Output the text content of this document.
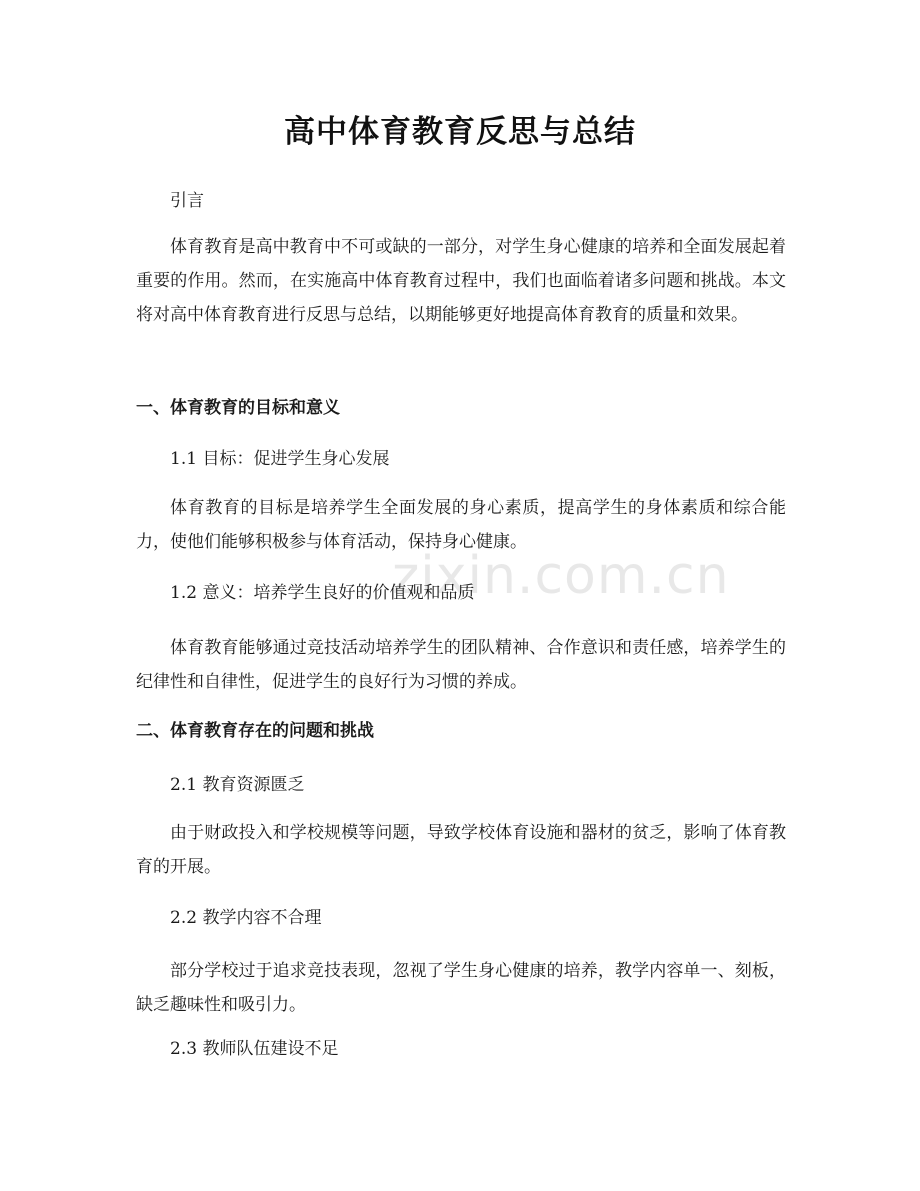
zixin.com.cn
高中体育教育反思与总结

引言

体育教育是高中教育中不可或缺的一部分，对学生身心健康的培养和全面发展起着重要的作用。然而，在实施高中体育教育过程中，我们也面临着诸多问题和挑战。本文将对高中体育教育进行反思与总结，以期能够更好地提高体育教育的质量和效果。

一、体育教育的目标和意义

1.1 目标：促进学生身心发展

体育教育的目标是培养学生全面发展的身心素质，提高学生的身体素质和综合能力，使他们能够积极参与体育活动，保持身心健康。

1.2 意义：培养学生良好的价值观和品质

体育教育能够通过竞技活动培养学生的团队精神、合作意识和责任感，培养学生的纪律性和自律性，促进学生的良好行为习惯的养成。

二、体育教育存在的问题和挑战

2.1 教育资源匮乏

由于财政投入和学校规模等问题，导致学校体育设施和器材的贫乏，影响了体育教育的开展。

2.2 教学内容不合理

部分学校过于追求竞技表现，忽视了学生身心健康的培养，教学内容单一、刻板，缺乏趣味性和吸引力。

2.3 教师队伍建设不足
